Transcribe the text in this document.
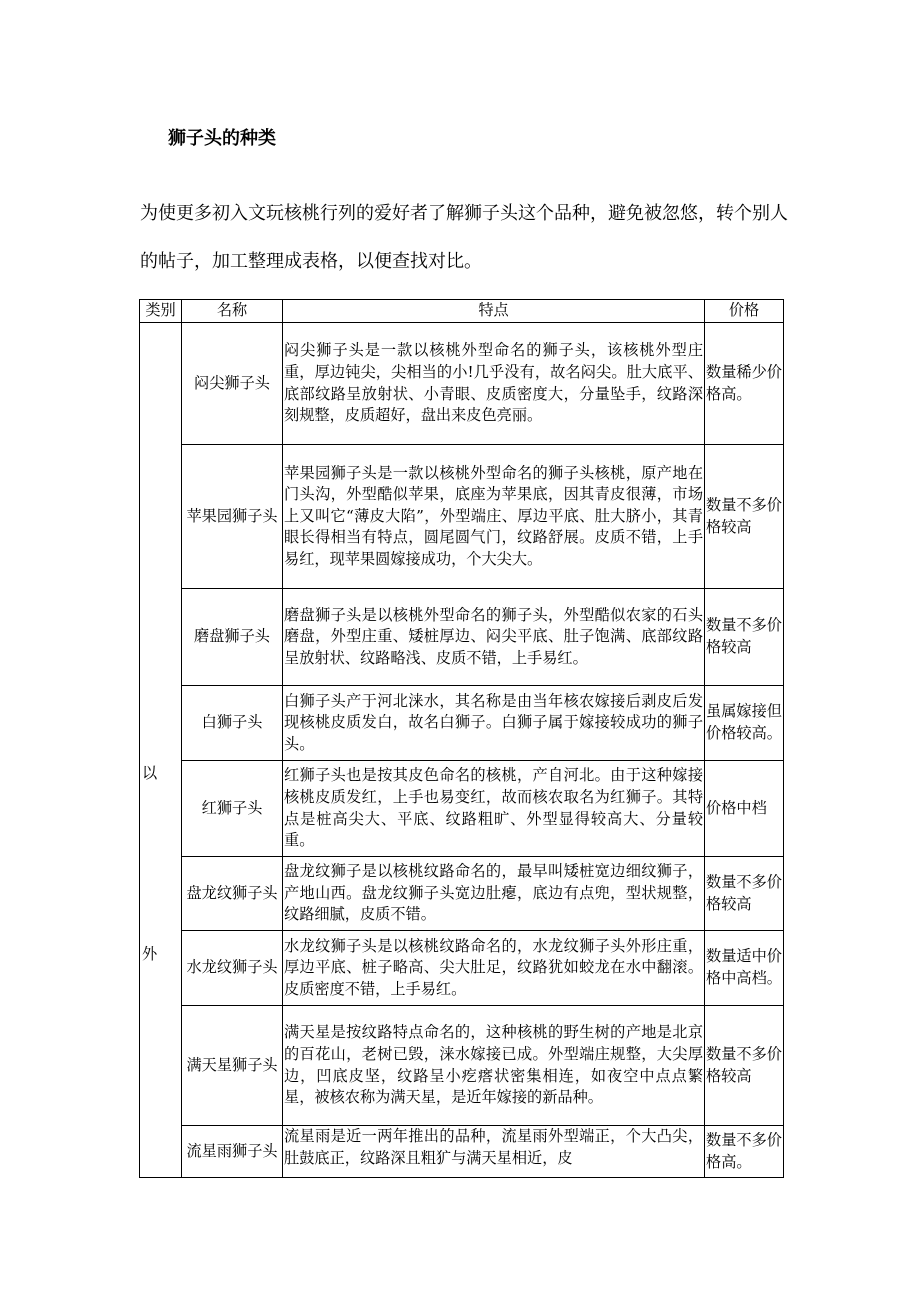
狮子头的种类
为使更多初入文玩核桃行列的爱好者了解狮子头这个品种，避免被忽悠，转个别人的帖子，加工整理成表格，以便查找对比。
类别	名称	特点	价格

以
外	闷尖狮子头	闷尖狮子头是一款以核桃外型命名的狮子头，该核桃外型庄重，厚边钝尖，尖相当的小!几乎没有，故名闷尖。肚大底平、底部纹路呈放射状、小青眼、皮质密度大，分量坠手，纹路深刻规整，皮质超好，盘出来皮色亮丽。	数量稀少价格高。
	苹果园狮子头	苹果园狮子头是一款以核桃外型命名的狮子头核桃，原产地在门头沟，外型酷似苹果，底座为苹果底，因其青皮很薄，市场上又叫它“薄皮大陷”，外型端庄、厚边平底、肚大脐小，其青眼长得相当有特点，圆尾圆气门，纹路舒展。皮质不错，上手易红，现苹果圆嫁接成功，个大尖大。	数量不多价格较高
	磨盘狮子头	磨盘狮子头是以核桃外型命名的狮子头，外型酷似农家的石头磨盘，外型庄重、矮桩厚边、闷尖平底、肚子饱满、底部纹路呈放射状、纹路略浅、皮质不错，上手易红。	数量不多价格较高
	白狮子头	白狮子头产于河北涞水，其名称是由当年核农嫁接后剥皮后发现核桃皮质发白，故名白狮子。白狮子属于嫁接较成功的狮子头。	虽属嫁接但价格较高。
	红狮子头	红狮子头也是按其皮色命名的核桃，产自河北。由于这种嫁接核桃皮质发红，上手也易变红，故而核农取名为红狮子。其特点是桩高尖大、平底、纹路粗旷、外型显得较高大、分量较重。	价格中档
	盘龙纹狮子头	盘龙纹狮子是以核桃纹路命名的，最早叫矮桩宽边细纹狮子，产地山西。盘龙纹狮子头宽边肚瘪，底边有点兜，型状规整，纹路细腻，皮质不错。	数量不多价格较高
	水龙纹狮子头	水龙纹狮子头是以核桃纹路命名的，水龙纹狮子头外形庄重，厚边平底、桩子略高、尖大肚足，纹路犹如蛟龙在水中翻滚。皮质密度不错，上手易红。	数量适中价格中高档。
	满天星狮子头	满天星是按纹路特点命名的，这种核桃的野生树的产地是北京的百花山，老树已毁，涞水嫁接已成。外型端庄规整，大尖厚边，凹底皮坚，纹路呈小疙瘩状密集相连，如夜空中点点繁星，被核农称为满天星，是近年嫁接的新品种。	数量不多价格较高
	流星雨狮子头	流星雨是近一两年推出的品种，流星雨外型端正，个大凸尖，肚鼓底正，纹路深且粗犷与满天星相近，皮	数量不多价格高。
